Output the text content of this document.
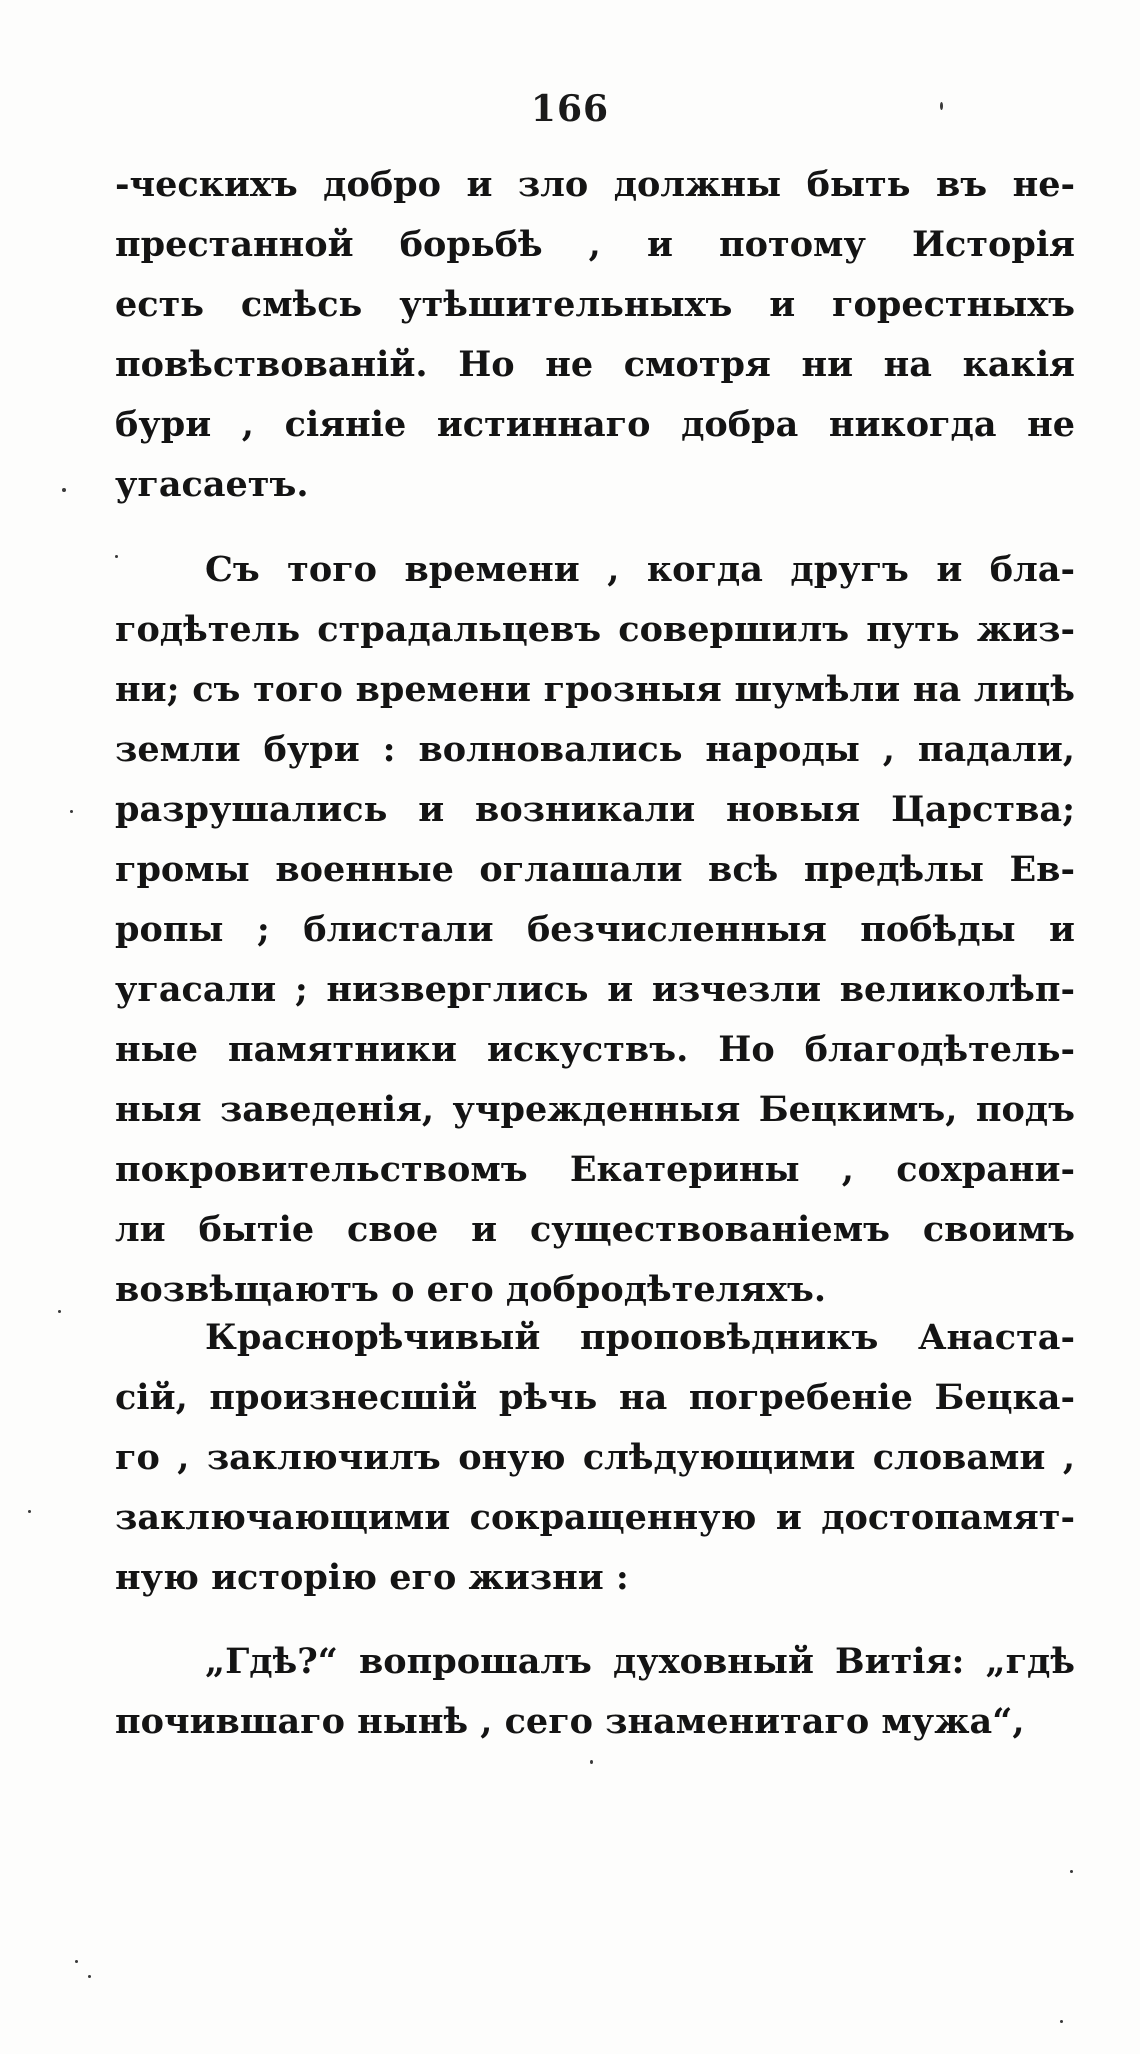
166
-ческихъ добро и зло должны быть въ не-
престанной борьбѣ , и потому Исторія
есть смѣсь утѣшительныхъ и горестныхъ
повѣствованій. Но не смотря ни на какія
бури , сіяніе истиннаго добра никогда не
угасаетъ.
Съ того времени , когда другъ и бла-
годѣтель страдальцевъ совершилъ путь жиз-
ни; съ того времени грозныя шумѣли на лицѣ
земли бури : волновались народы , падали,
разрушались и возникали новыя Царства;
громы военные оглашали всѣ предѣлы Ев-
ропы ; блистали безчисленныя побѣды и
угасали ; низверглись и изчезли великолѣп-
ные памятники искуствъ. Но благодѣтель-
ныя заведенія, учрежденныя Бецкимъ, подъ
покровительствомъ Екатерины , сохрани-
ли бытіе свое и существованіемъ своимъ
возвѣщаютъ о его добродѣтеляхъ.
Краснорѣчивый проповѣдникъ Анаста-
сій, произнесшій рѣчь на погребеніе Бецка-
го , заключилъ оную слѣдующими словами ,
заключающими сокращенную и достопамят-
ную исторію его жизни :
„Гдѣ?“ вопрошалъ духовный Витія: „гдѣ
почившаго нынѣ , сего знаменитаго мужа“,
